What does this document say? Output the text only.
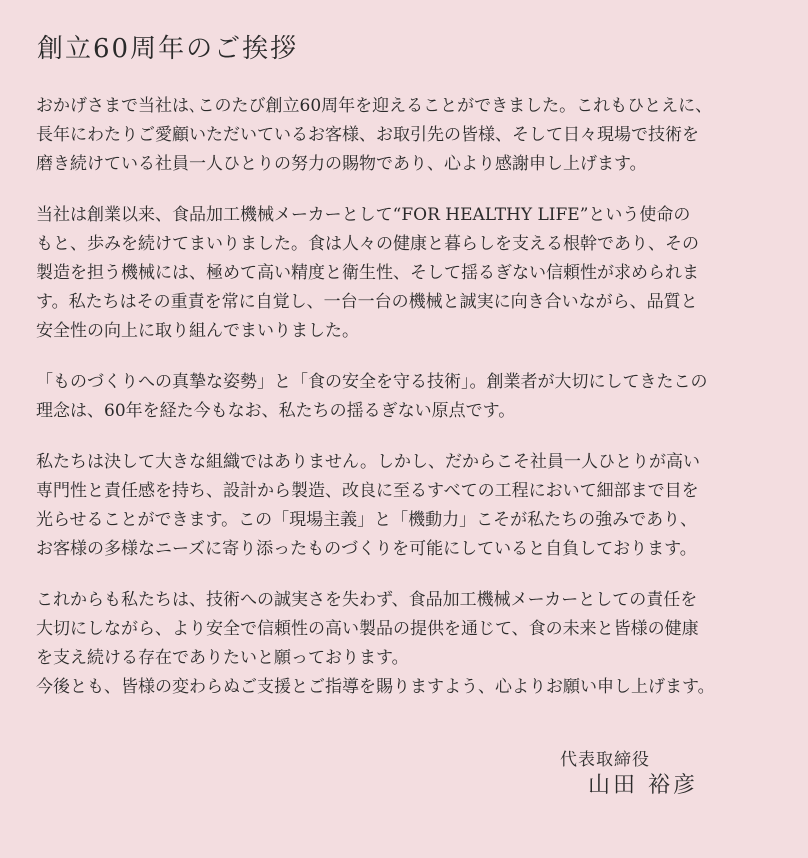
創立60周年のご挨拶
おかげさまで当社は､このたび創立60周年を迎えることができました。これもひとえに、
長年にわたりご愛顧いただいているお客様、お取引先の皆様、そして日々現場で技術を
磨き続けている社員一人ひとりの努力の賜物であり、心より感謝申し上げます。
当社は創業以来、食品加工機械メーカーとして“FOR HEALTHY LIFE”という使命の
もと、歩みを続けてまいりました。食は人々の健康と暮らしを支える根幹であり、その
製造を担う機械には、極めて高い精度と衛生性、そして揺るぎない信頼性が求められま
す。私たちはその重責を常に自覚し、一台一台の機械と誠実に向き合いながら、品質と
安全性の向上に取り組んでまいりました。
「ものづくりへの真摯な姿勢」と「食の安全を守る技術」。創業者が大切にしてきたこの
理念は、60年を経た今もなお、私たちの揺るぎない原点です。
私たちは決して大きな組織ではありません。しかし、だからこそ社員一人ひとりが高い
専門性と責任感を持ち、設計から製造、改良に至るすべての工程において細部まで目を
光らせることができます。この「現場主義」と「機動力」こそが私たちの強みであり、
お客様の多様なニーズに寄り添ったものづくりを可能にしていると自負しております。
これからも私たちは、技術への誠実さを失わず、食品加工機械メーカーとしての責任を
大切にしながら、より安全で信頼性の高い製品の提供を通じて、食の未来と皆様の健康
を支え続ける存在でありたいと願っております。
今後とも、皆様の変わらぬご支援とご指導を賜りますよう、心よりお願い申し上げます。
代表取締役
山田 裕彦
